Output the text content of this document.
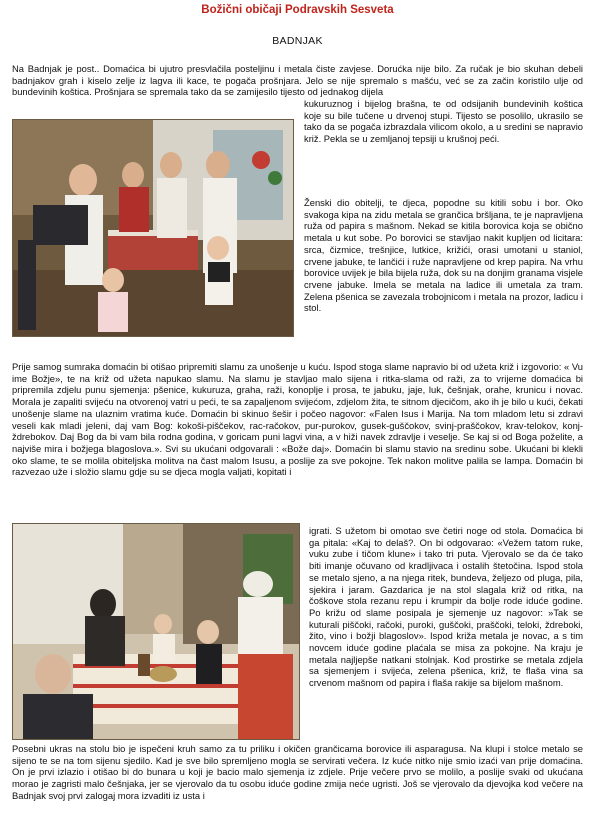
Božični običaji Podravskih Sesveta
BADNJAK

Na Badnjak je post.. Domaćica bi ujutro presvlačila posteljinu i metala čiste zavjese. Dorućka nije bilo. Za ručak je bio skuhan debeli badnjakov grah i kiselo zelje iz lagva ili kace, te pogača prošnjara. Jelo se nije spremalo s mašću, već se za začin koristilo ulje od bundevinih koštica. Prošnjara se spremala tako da se zamijesilo tijesto od jednakog dijela

kukuruznog i bijelog brašna, te od odsijanih bundevinih koštica koje su bile tučene u drvenoj stupi. Tijesto se posolilo, ukrasilo se tako da se pogača izbrazdala vilicom okolo, a u sredini se napravio križ. Pekla se u zemljanoj tepsiji u krušnoj peći.

Ženski dio obitelji, te djeca, popodne su kitili sobu i bor. Oko svakoga kipa na zidu metala se grančica bršljana, te je napravljena ruža od papira s mašnom. Nekad se kitila borovica koja se obično metala u kut sobe. Po borovici se stavljao nakit kupljen od licitara: srca, čizmice, trešnjice, lutkice, križići, orasi umotani u staniol, crvene jabuke, te lančići i ruže napravljene od krep papira. Na vrhu borovice uvijek je bila bijela ruža, dok su na donjim granama visjele crvene jabuke. Imela se metala na ladice ili umetala za tram. Zelena pšenica se zavezala trobojnicom i metala na prozor, ladicu i stol.

Prije samog sumraka domaćin bi otišao pripremiti slamu za unošenje u kuću. Ispod stoga slame napravio bi od užeta križ i izgovorio: « Vu ime Božje», te na križ od užeta napukao slamu. Na slamu je stavljao malo sijena i ritka-slama od raži, za to vrijeme domaćica bi pripremila zdjelu punu sjemenja: pšenice, kukuruza, graha, raži, konoplje i prosa, te jabuku, jaje, luk, češnjak, orahe, krunicu i novac. Morala je zapaliti svijeću na otvorenoj vatri u peći, te sa zapaljenom svijećom, zdjelom žita, te sitnom djecičom, ako ih je bilo u kući, čekati unošenje slame na ulaznim vratima kuće. Domaćin bi skinuo šešir i počeo nagovor: «Falen Isus i Marija. Na tom mladom letu si zdravi veseli kak mladi jeleni, daj vam Bog: kokoši-piščekov, rac-račokov, pur-purokov, gusek-guščokov, svinj-praščokov, krav-telokov, konj-ždrebokov. Daj Bog da bi vam bila rodna godina, v goricam puni lagvi vina, a v hiži navek zdravlje i veselje. Se kaj si od Boga poželite, a najviše mira i božjega blagoslova.». Svi su ukućani odgovarali : «Bože daj». Domaćin bi slamu stavio na sredinu sobe. Ukućani bi klekli oko slame, te se molila obiteljska molitva na čast malom Isusu, a poslije za sve pokojne. Tek nakon molitve palila se lampa. Domaćin bi razvezao uže i složio slamu gdje su se djeca mogla valjati, kopitati i

igrati. S užetom bi omotao sve četiri noge od stola. Domaćica bi ga pitala: «Kaj to delaš?. On bi odgovarao: «Vežem tatom ruke, vuku zube i tičom klune» i tako tri puta. Vjerovalo se da će tako biti imanje očuvano od kradljivaca i ostalih štetočina. Ispod stola se metalo sjeno, a na njega ritek, bundeva, željezo od pluga, pila, sjekira i jaram. Gazdarica je na stol slagala križ od ritka, na čoškove stola rezanu repu i krumpir da bolje rode iduće godine. Po križu od slame posipala je sjemenje uz nagovor: »Tak se kuturali piščoki, račoki, puroki, guščoki, praščoki, teloki, ždreboki, žito, vino i božji blagoslov». Ispod križa metala je novac, a s tim novcem iduće godine plaćala se misa za pokojne. Na kraju je metala najljepše natkani stolnjak. Kod prostirke se metala zdjela sa sjemenjem i svijeća, zelena pšenica, križ, te flaša vina sa crvenom mašnom od papira i flaša rakije sa bijelom mašnom.

Posebni ukras na stolu bio je ispečeni kruh samo za tu priliku i okičen grančicama borovice ili asparagusa. Na klupi i stolce metalo se sijeno te se na tom sijenu sjedilo. Kad je sve bilo spremljeno mogla se servirati večera. Iz kuće nitko nije smio izaći van prije domaćina. On je prvi izlazio i otišao bi do bunara u koji je bacio malo sjemenja iz zdjele. Prije večere prvo se molilo, a poslije svaki od ukućana morao je zagristi malo češnjaka, jer se vjerovalo da tu osobu iduće godine zmija neće ugristi. Još se vjerovalo da djevojka kod večere na Badnjak svoj prvi zalogaj mora izvaditi iz usta i
